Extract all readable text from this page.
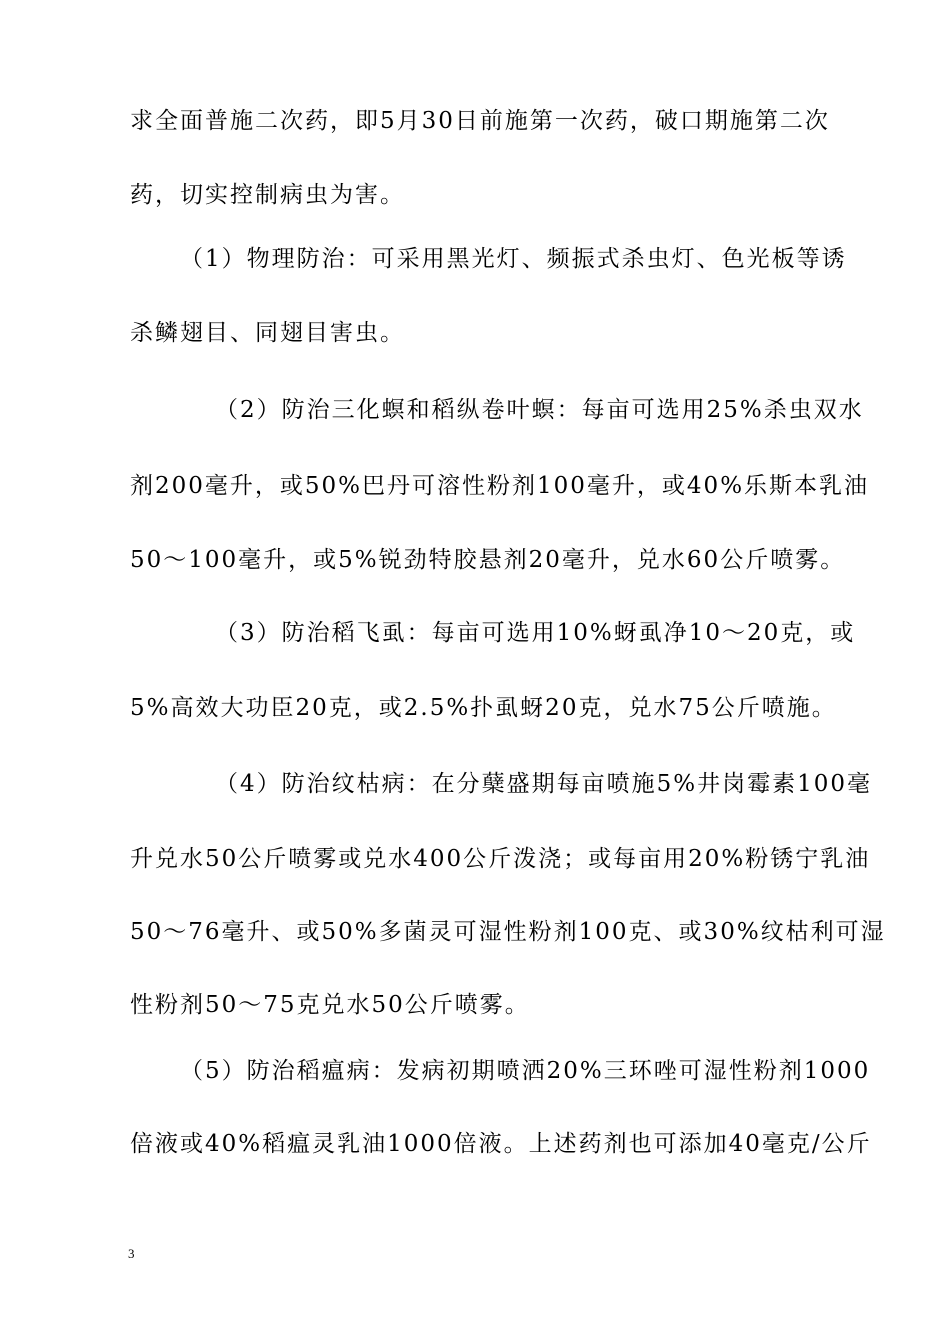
求全面普施二次药，即5月30日前施第一次药，破口期施第二次
药，切实控制病虫为害。
（1）物理防治：可采用黑光灯、频振式杀虫灯、色光板等诱
杀鳞翅目、同翅目害虫。
（2）防治三化螟和稻纵卷叶螟：每亩可选用25%杀虫双水
剂200毫升，或50%巴丹可溶性粉剂100毫升，或40%乐斯本乳油
50～100毫升，或5%锐劲特胶悬剂20毫升，兑水60公斤喷雾。
（3）防治稻飞虱：每亩可选用10%蚜虱净10～20克，或
5%高效大功臣20克，或2.5%扑虱蚜20克，兑水75公斤喷施。
（4）防治纹枯病：在分蘖盛期每亩喷施5%井岗霉素100毫
升兑水50公斤喷雾或兑水400公斤泼浇；或每亩用20%粉锈宁乳油
50～76毫升、或50%多菌灵可湿性粉剂100克、或30%纹枯利可湿
性粉剂50～75克兑水50公斤喷雾。
（5）防治稻瘟病：发病初期喷洒20%三环唑可湿性粉剂1000
倍液或40%稻瘟灵乳油1000倍液。上述药剂也可添加40毫克/公斤
3
